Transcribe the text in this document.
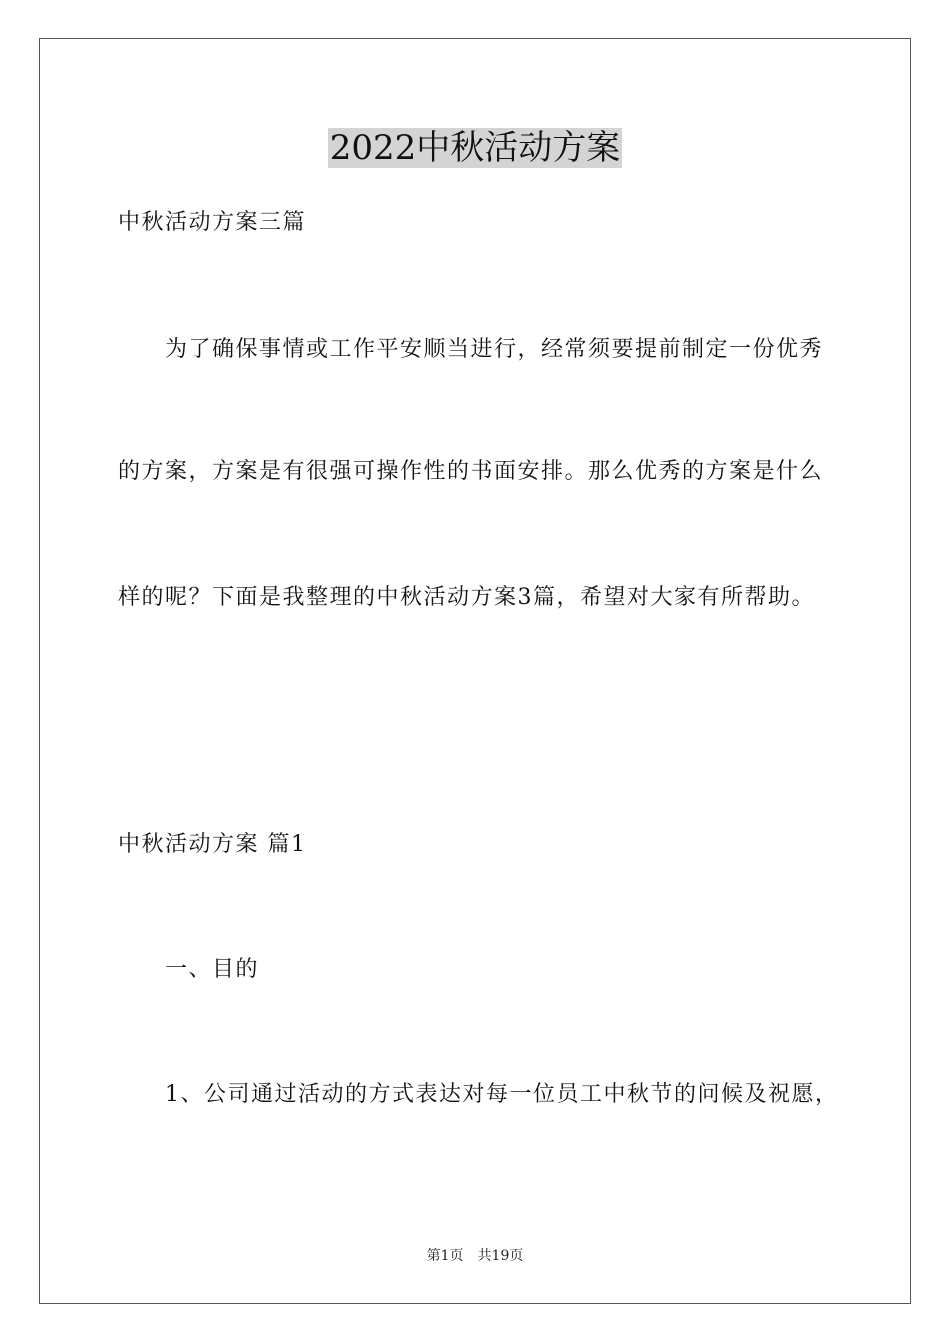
2022中秋活动方案
中秋活动方案三篇
为了确保事情或工作平安顺当进行，经常须要提前制定一份优秀
的方案，方案是有很强可操作性的书面安排。那么优秀的方案是什么
样的呢？下面是我整理的中秋活动方案3篇，希望对大家有所帮助。
中秋活动方案 篇1
一、目的
1、公司通过活动的方式表达对每一位员工中秋节的问候及祝愿，
第1页　共19页
